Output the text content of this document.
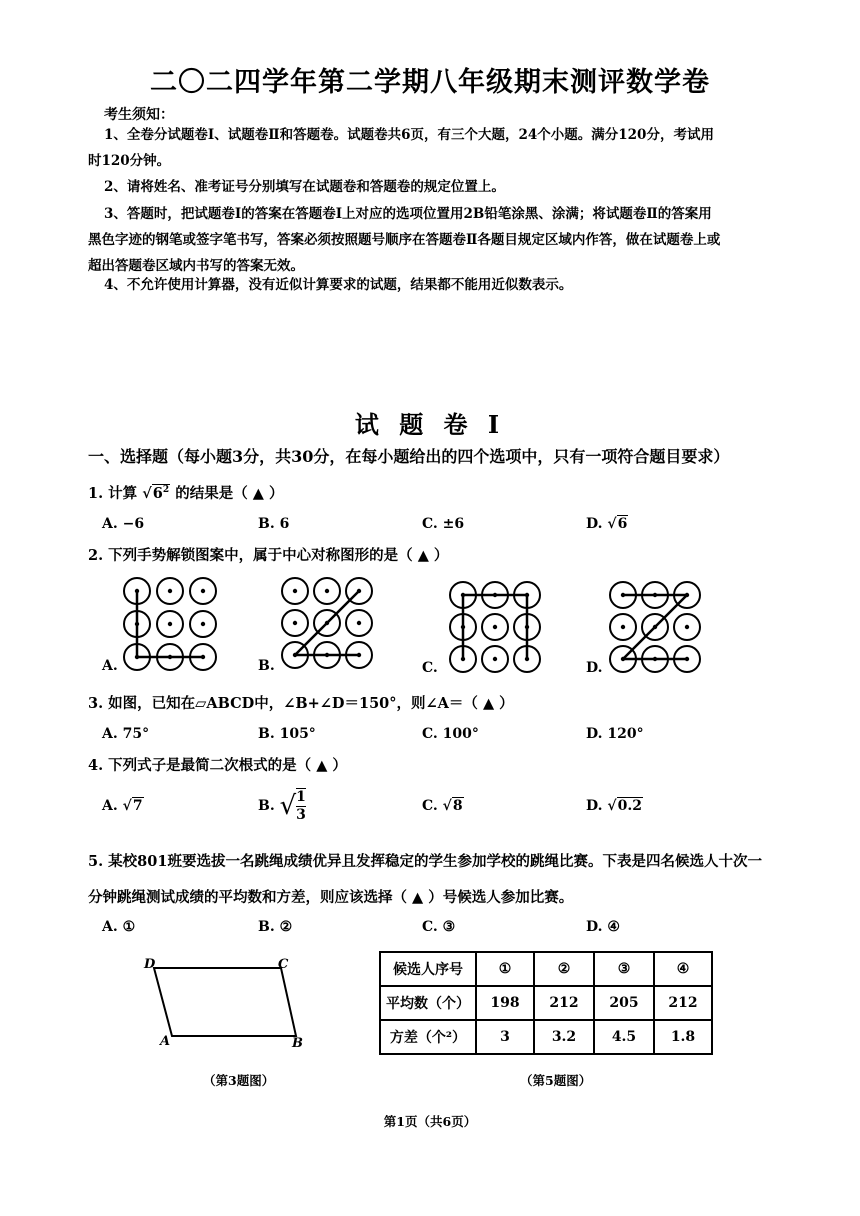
二〇二四学年第二学期八年级期末测评数学卷
考生须知：
1、全卷分试题卷Ⅰ、试题卷Ⅱ和答题卷。试题卷共6页，有三个大题，24个小题。满分120分，考试用
时120分钟。
2、请将姓名、准考证号分别填写在试题卷和答题卷的规定位置上。
3、答题时，把试题卷Ⅰ的答案在答题卷Ⅰ上对应的选项位置用2B铅笔涂黑、涂满；将试题卷Ⅱ的答案用
黑色字迹的钢笔或签字笔书写，答案必须按照题号顺序在答题卷Ⅱ各题目规定区域内作答，做在试题卷上或
超出答题卷区域内书写的答案无效。
4、不允许使用计算器，没有近似计算要求的试题，结果都不能用近似数表示。
试 题 卷 Ⅰ
一、选择题（每小题3分，共30分，在每小题给出的四个选项中，只有一项符合题目要求）
1. 计算 $√6^2$ 的结果是（ ▲ ）
A. −6	B. 6	C. ±6	D. √6
2. 下列手势解锁图案中，属于中心对称图形的是（ ▲ ）
A.	B.	C.	D.
3. 如图，已知在▱ABCD中，∠B+∠D＝150°，则∠A＝（ ▲ ）
A. 75°	B. 105°	C. 100°	D. 120°
4. 下列式子是最简二次根式的是（ ▲ ）
A. √7	B. √ $\frac{1}{3}$	C. √8	D. √0.2
5. 某校801班要选拔一名跳绳成绩优异且发挥稳定的学生参加学校的跳绳比赛。下表是四名候选人十次一
分钟跳绳测试成绩的平均数和方差，则应该选择（ ▲ ）号候选人参加比赛。
A. ①	B. ②	C. ③	D. ④
D	C
A	B
（第3题图）
候选人序号	①	②	③	④
平均数（个）	198	212	205	212
方差（个²）	3	3.2	4.5	1.8
（第5题图）
第1页（共6页）
